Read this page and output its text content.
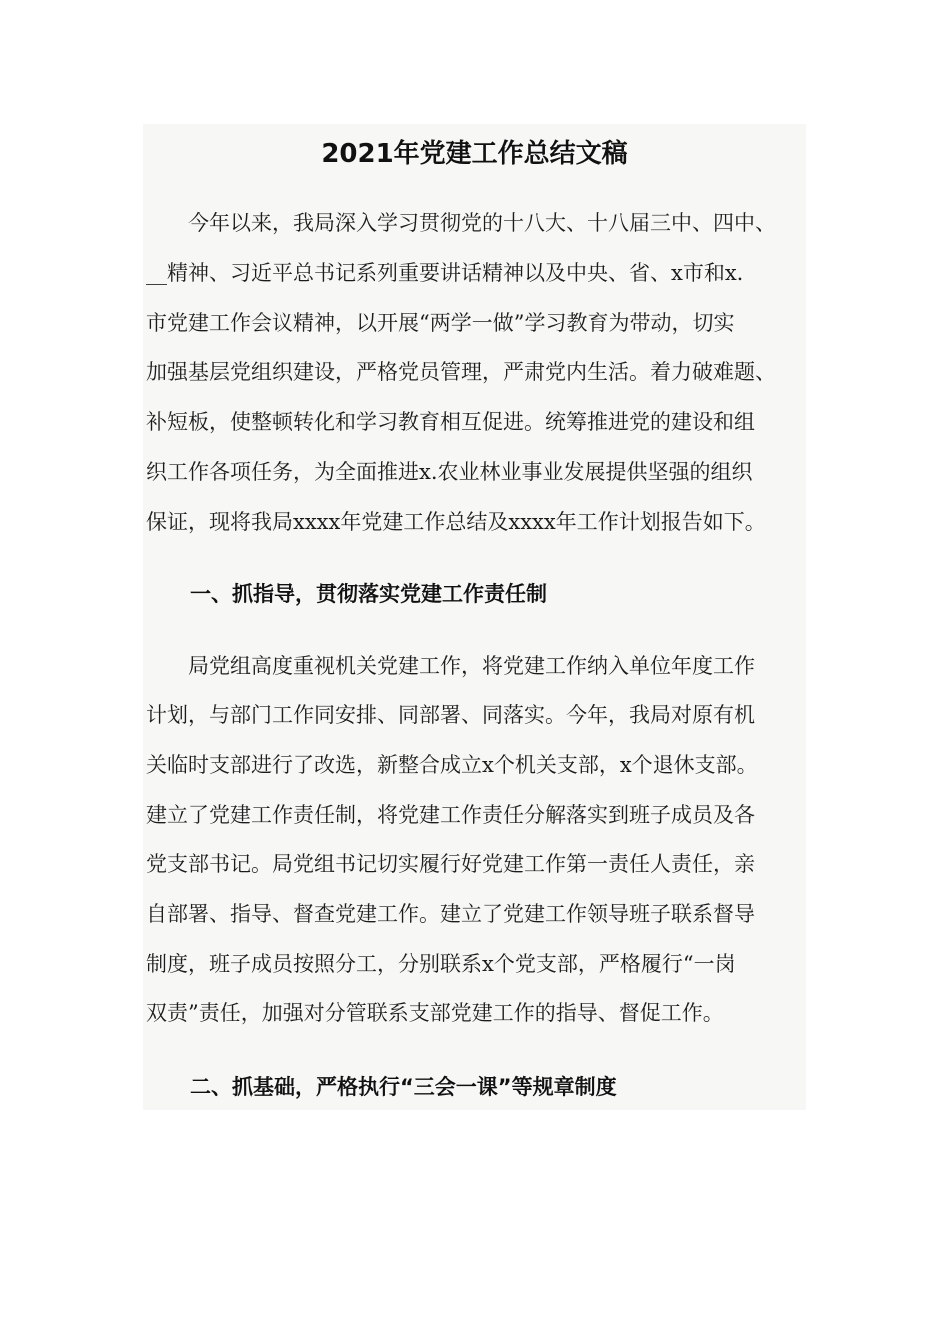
2021年党建工作总结文稿
　　今年以来，我局深入学习贯彻党的十八大、十八届三中、四中、
__精神、习近平总书记系列重要讲话精神以及中央、省、x市和x.
市党建工作会议精神，以开展“两学一做”学习教育为带动，切实
加强基层党组织建设，严格党员管理，严肃党内生活。着力破难题、
补短板，使整顿转化和学习教育相互促进。统筹推进党的建设和组
织工作各项任务，为全面推进x.农业林业事业发展提供坚强的组织
保证，现将我局xxxx年党建工作总结及xxxx年工作计划报告如下。
一、抓指导，贯彻落实党建工作责任制
　　局党组高度重视机关党建工作，将党建工作纳入单位年度工作
计划，与部门工作同安排、同部署、同落实。今年，我局对原有机
关临时支部进行了改选，新整合成立x个机关支部，x个退休支部。
建立了党建工作责任制，将党建工作责任分解落实到班子成员及各
党支部书记。局党组书记切实履行好党建工作第一责任人责任，亲
自部署、指导、督查党建工作。建立了党建工作领导班子联系督导
制度，班子成员按照分工，分别联系x个党支部，严格履行“一岗
双责”责任，加强对分管联系支部党建工作的指导、督促工作。
二、抓基础，严格执行“三会一课”等规章制度
